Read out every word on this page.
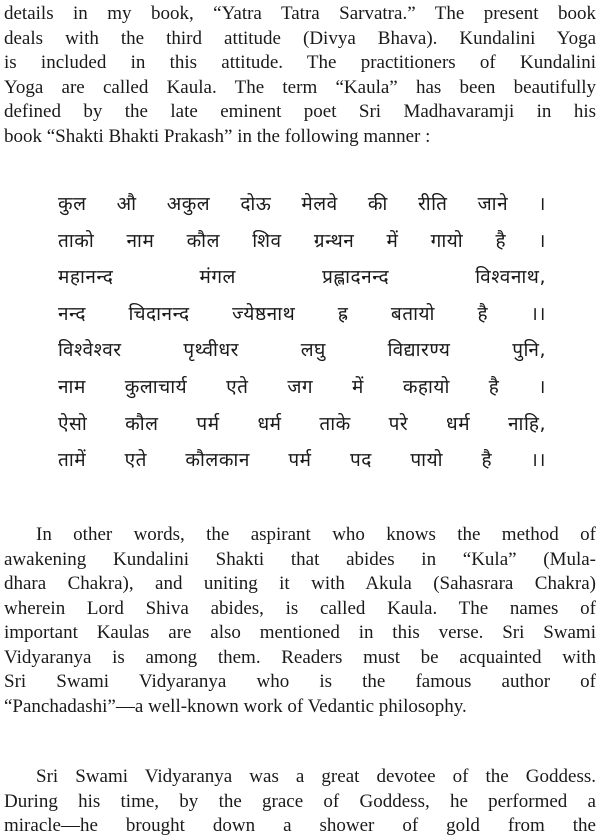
details in my book, “Yatra Tatra Sarvatra.” The present book
deals with the third attitude (Divya Bhava). Kundalini Yoga
is included in this attitude. The practitioners of Kundalini
Yoga are called Kaula. The term “Kaula” has been beautifully
defined by the late eminent poet Sri Madhavaramji in his
book “Shakti Bhakti Prakash” in the following manner :
कुल औ अकुल दोऊ मेलवे की रीति जाने ।
ताको नाम कौल शिव ग्रन्थन में गायो है ।
महानन्द मंगल प्रह्लादनन्द विश्वनाथ,
नन्द चिदानन्द ज्येष्ठनाथ ह्र बतायो है ।।
विश्वेश्वर पृथ्वीधर लघु विद्यारण्य पुनि,
नाम कुलाचार्य एते जग में कहायो है ।
ऐसो कौल पर्म धर्म ताके परे धर्म नाहि,
तामें एते कौलकान पर्म पद पायो है ।।
In other words, the aspirant who knows the method of
awakening Kundalini Shakti that abides in “Kula” (Mula-
dhara Chakra), and uniting it with Akula (Sahasrara Chakra)
wherein Lord Shiva abides, is called Kaula. The names of
important Kaulas are also mentioned in this verse. Sri Swami
Vidyaranya is among them. Readers must be acquainted with
Sri Swami Vidyaranya who is the famous author of
“Panchadashi”—a well-known work of Vedantic philosophy.
Sri Swami Vidyaranya was a great devotee of the Goddess.
During his time, by the grace of Goddess, he performed a
miracle—he brought down a shower of gold from the
